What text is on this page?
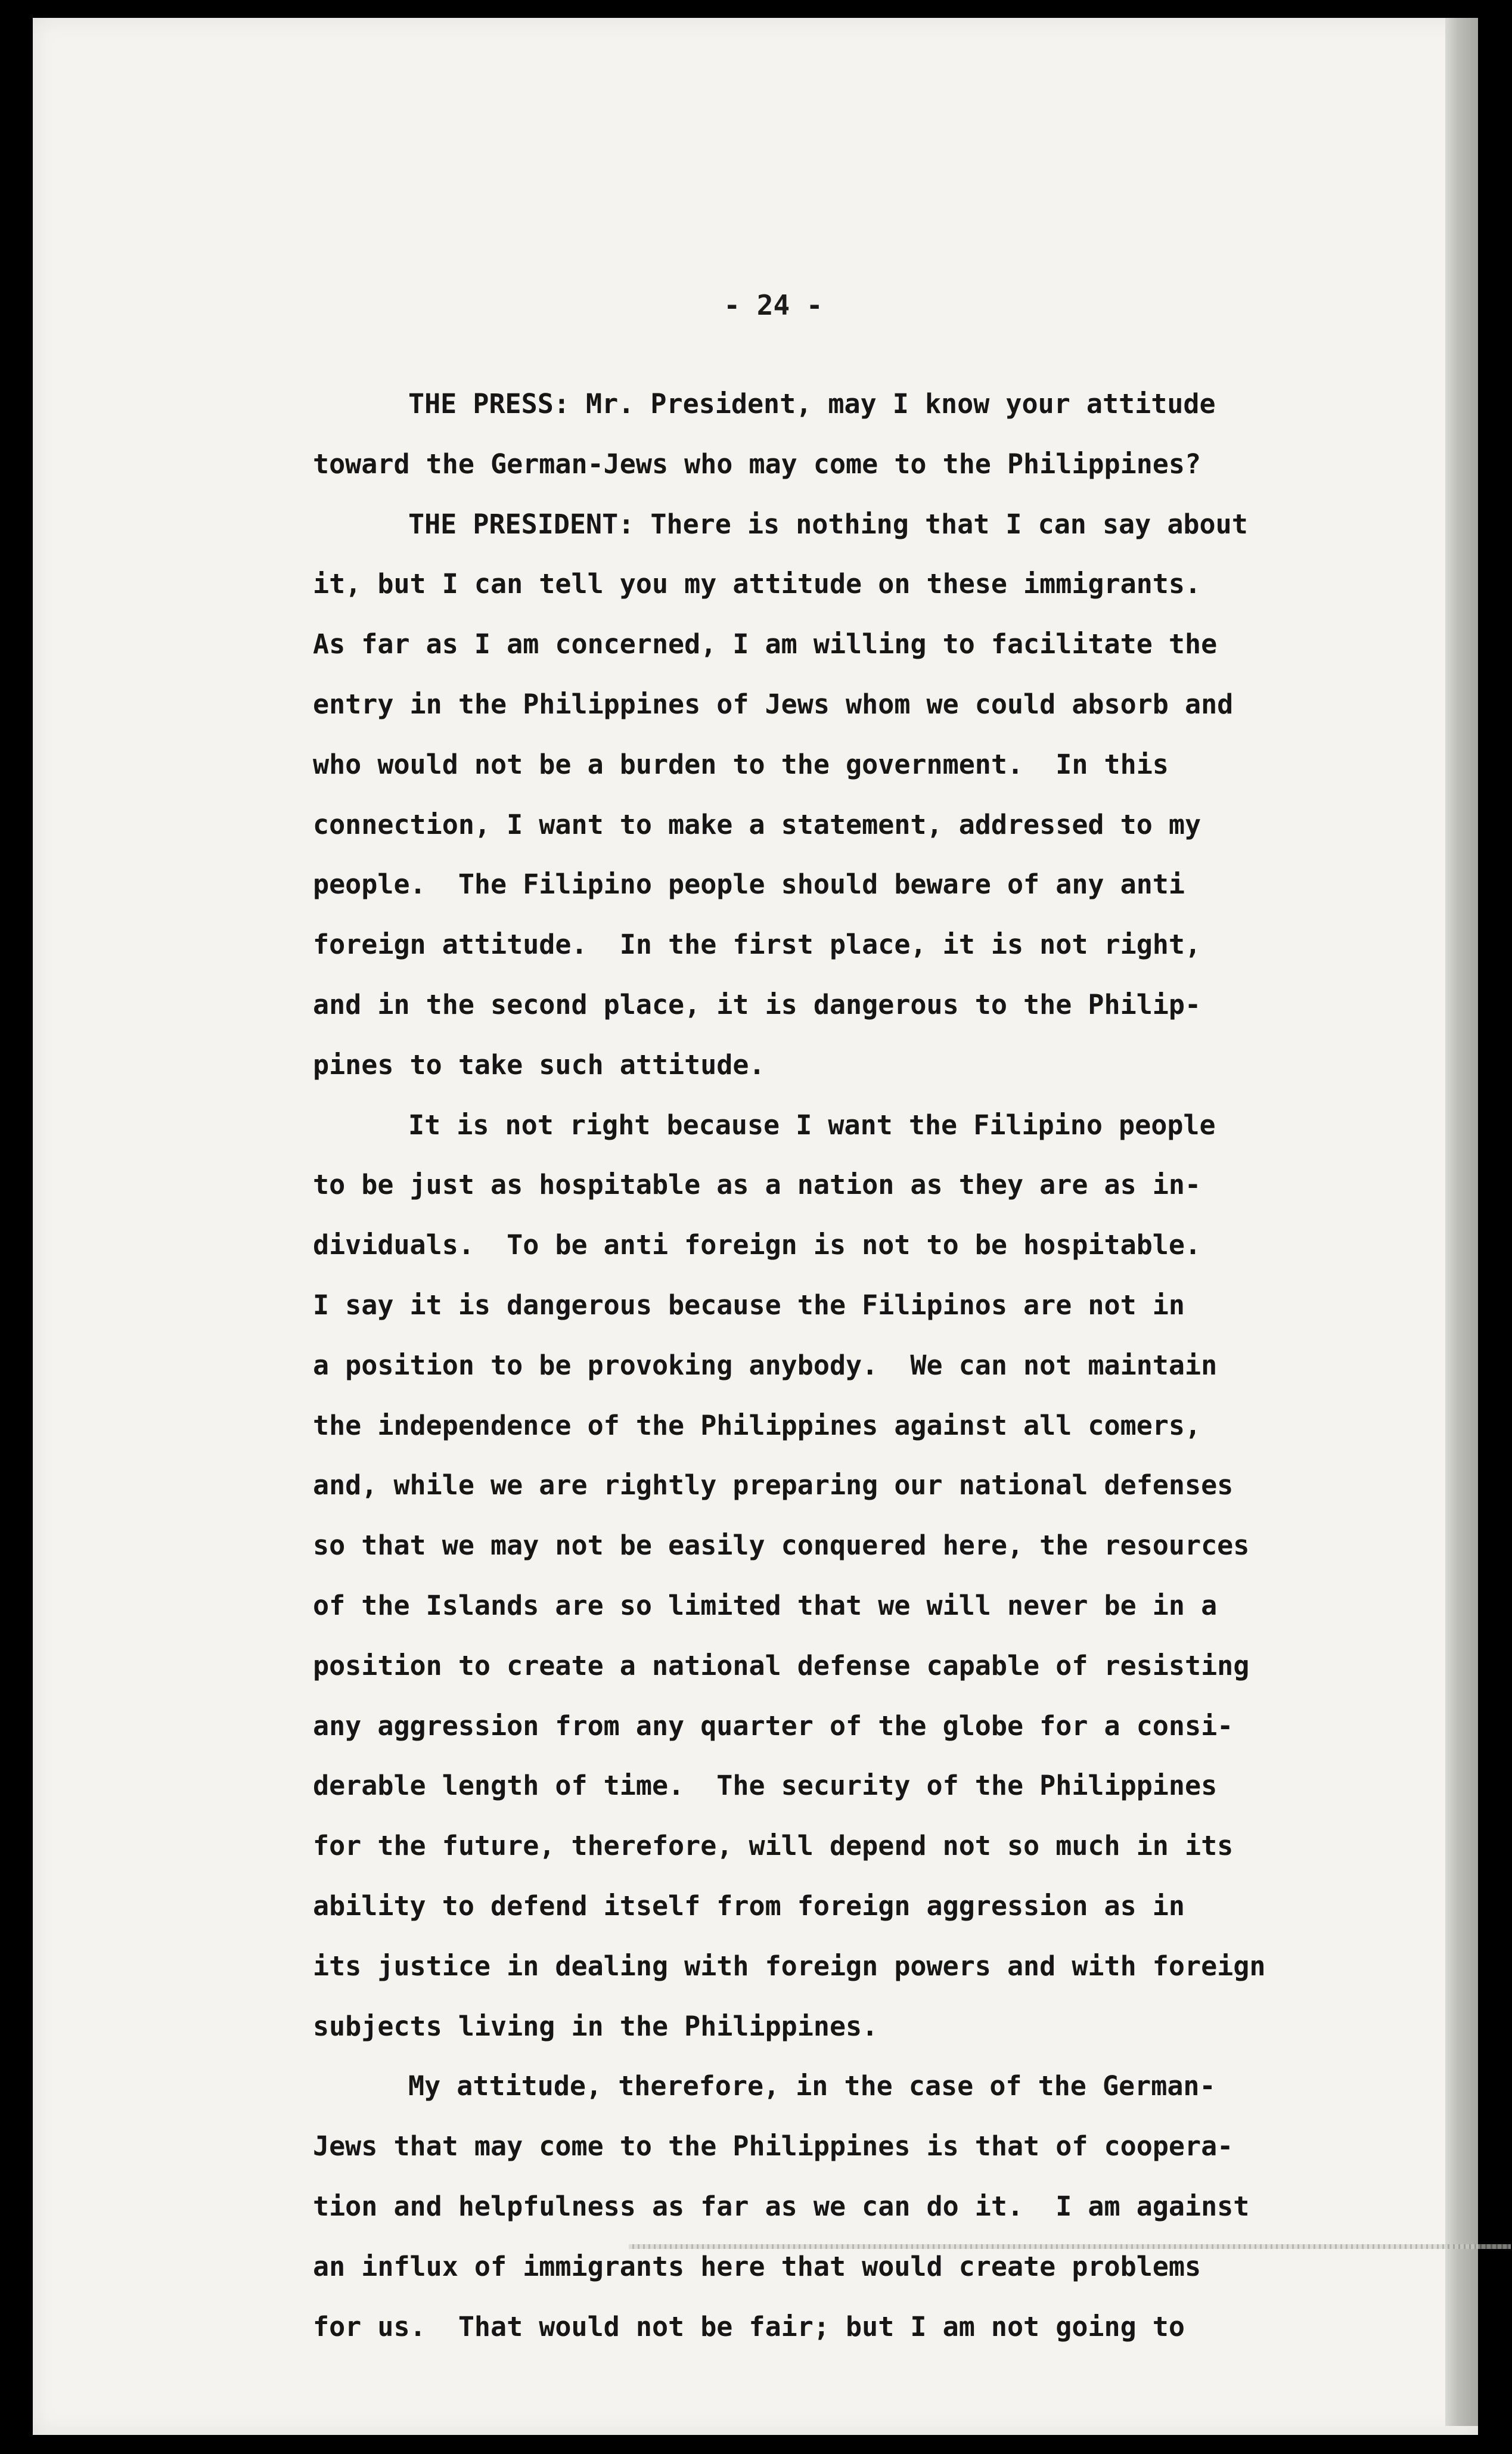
- 24 -
THE PRESS: Mr. President, may I know your attitude
toward the German-Jews who may come to the Philippines?
THE PRESIDENT: There is nothing that I can say about
it, but I can tell you my attitude on these immigrants.
As far as I am concerned, I am willing to facilitate the
entry in the Philippines of Jews whom we could absorb and
who would not be a burden to the government.  In this
connection, I want to make a statement, addressed to my
people.  The Filipino people should beware of any anti
foreign attitude.  In the first place, it is not right,
and in the second place, it is dangerous to the Philip-
pines to take such attitude.
It is not right because I want the Filipino people
to be just as hospitable as a nation as they are as in-
dividuals.  To be anti foreign is not to be hospitable.
I say it is dangerous because the Filipinos are not in
a position to be provoking anybody.  We can not maintain
the independence of the Philippines against all comers,
and, while we are rightly preparing our national defenses
so that we may not be easily conquered here, the resources
of the Islands are so limited that we will never be in a
position to create a national defense capable of resisting
any aggression from any quarter of the globe for a consi-
derable length of time.  The security of the Philippines
for the future, therefore, will depend not so much in its
ability to defend itself from foreign aggression as in
its justice in dealing with foreign powers and with foreign
subjects living in the Philippines.
My attitude, therefore, in the case of the German-
Jews that may come to the Philippines is that of coopera-
tion and helpfulness as far as we can do it.  I am against
an influx of immigrants here that would create problems
for us.  That would not be fair; but I am not going to
